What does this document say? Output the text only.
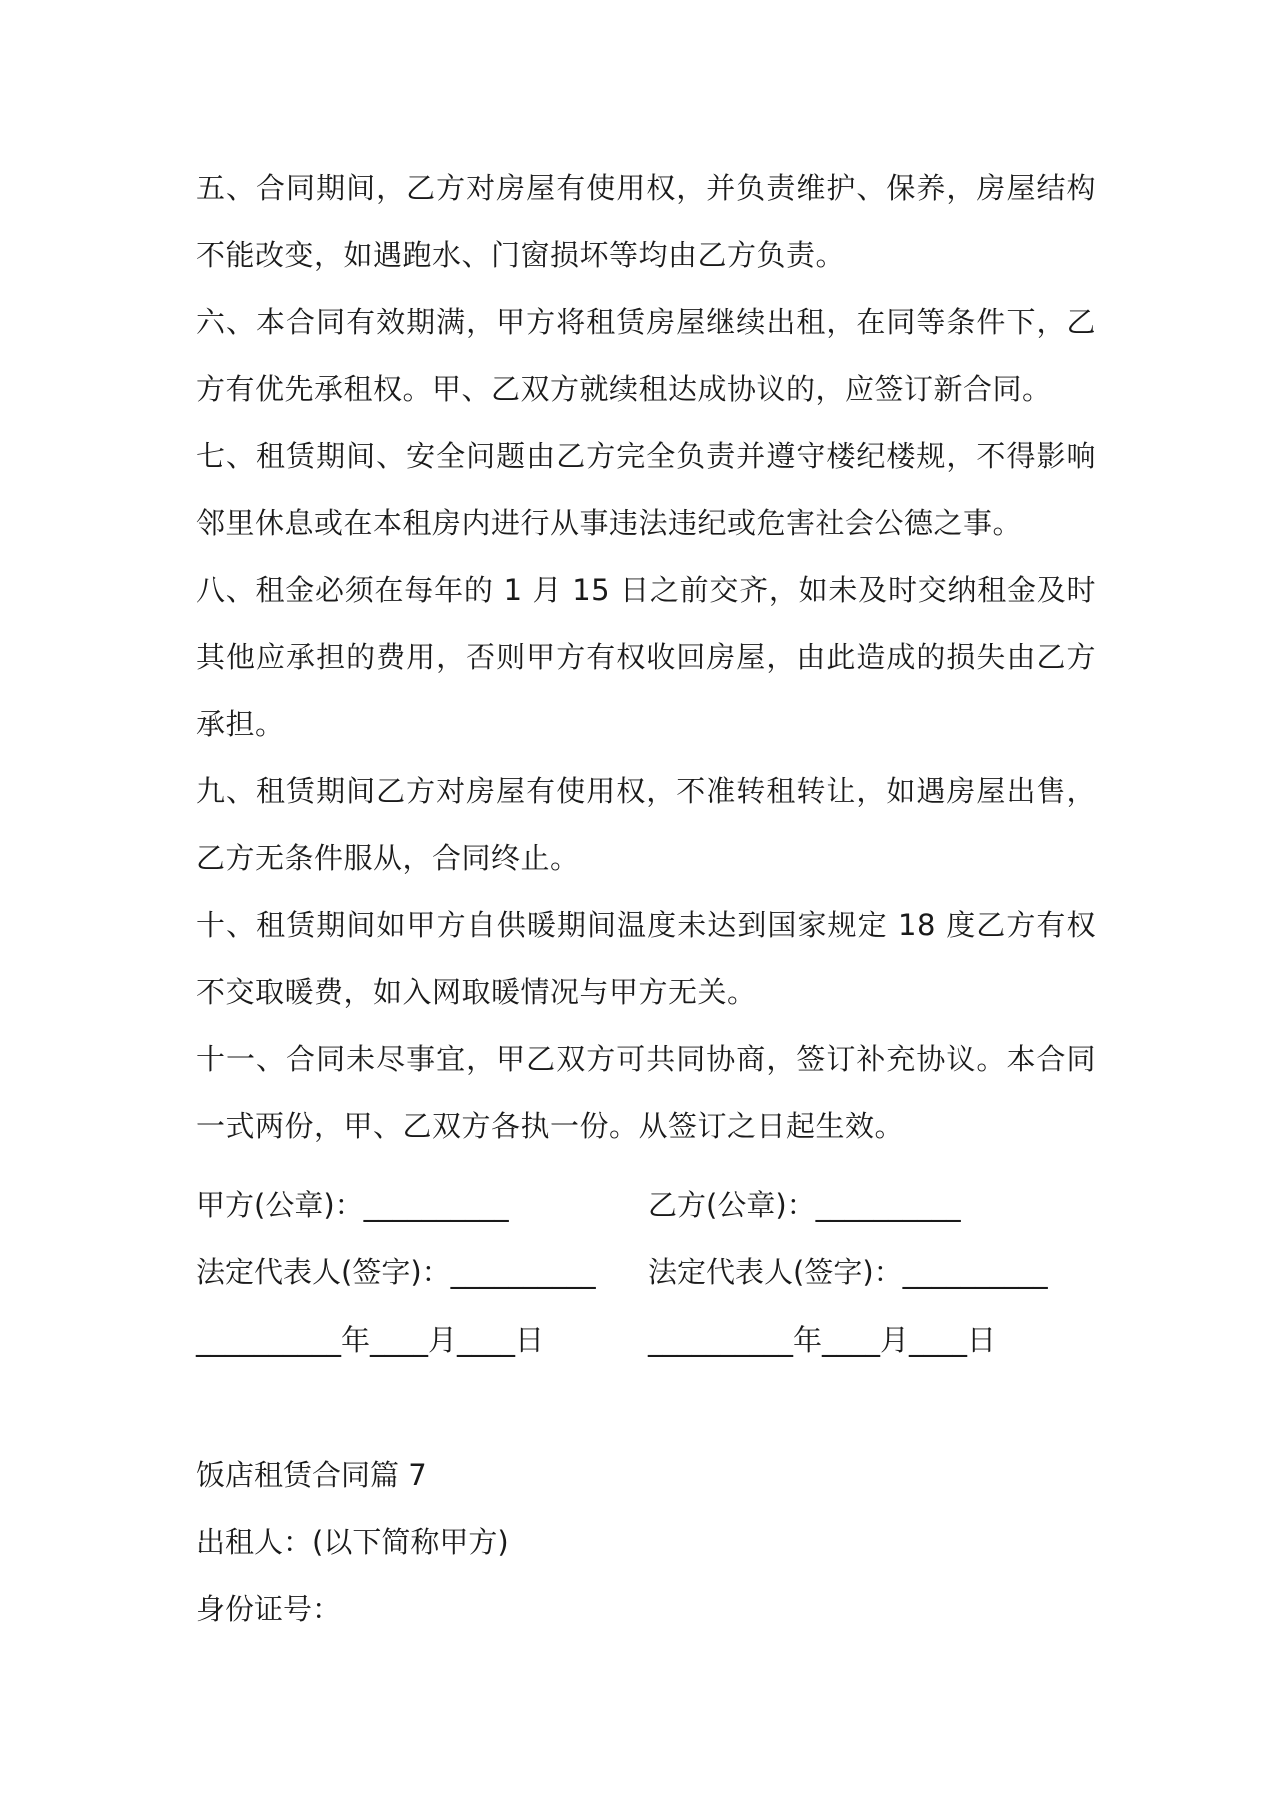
五、合同期间，乙方对房屋有使用权，并负责维护、保养，房屋结构不能改变，如遇跑水、门窗损坏等均由乙方负责。

六、本合同有效期满，甲方将租赁房屋继续出租，在同等条件下，乙方有优先承租权。甲、乙双方就续租达成协议的，应签订新合同。

七、租赁期间、安全问题由乙方完全负责并遵守楼纪楼规，不得影响邻里休息或在本租房内进行从事违法违纪或危害社会公德之事。

八、租金必须在每年的 1 月 15 日之前交齐，如未及时交纳租金及时其他应承担的费用，否则甲方有权收回房屋，由此造成的损失由乙方承担。

九、租赁期间乙方对房屋有使用权，不准转租转让，如遇房屋出售，乙方无条件服从，合同终止。

十、租赁期间如甲方自供暖期间温度未达到国家规定 18 度乙方有权不交取暖费，如入网取暖情况与甲方无关。

十一、合同未尽事宜，甲乙双方可共同协商，签订补充协议。本合同一式两份，甲、乙双方各执一份。从签订之日起生效。

甲方(公章)：__________	乙方(公章)：__________
法定代表人(签字)：__________ 法定代表人(签字)：__________
__________年____月____日	__________年____月____日
饭店租赁合同篇 7
出租人：(以下简称甲方)
身份证号：
